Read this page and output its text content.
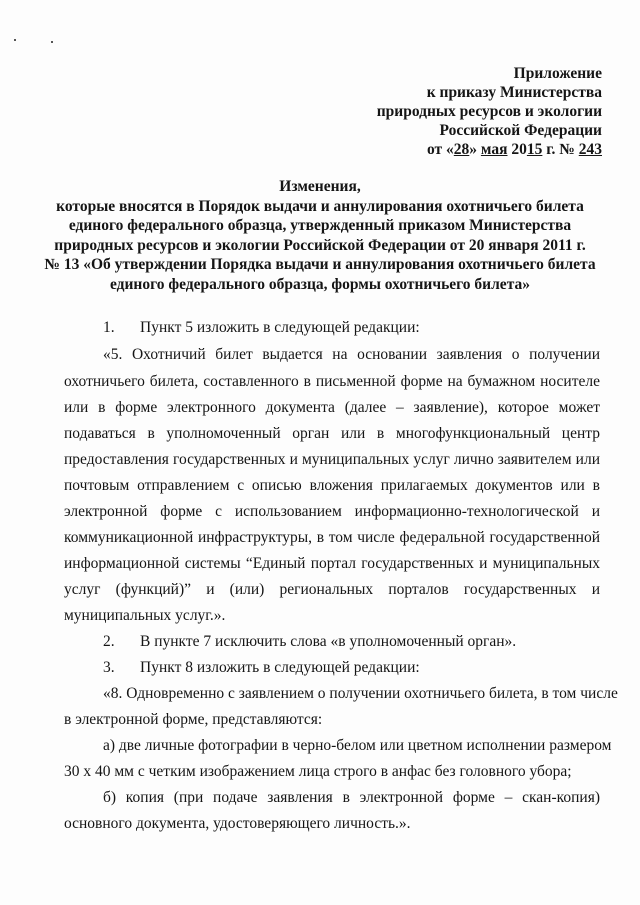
Приложение
к приказу Министерства
природных ресурсов и экологии
Российской Федерации
от «28» мая 2015 г. № 243
Изменения,
которые вносятся в Порядок выдачи и аннулирования охотничьего билета
единого федерального образца, утвержденный приказом Министерства
природных ресурсов и экологии Российской Федерации от 20 января 2011 г.
№ 13 «Об утверждении Порядка выдачи и аннулирования охотничьего билета
единого федерального образца, формы охотничьего билета»
1. Пункт 5 изложить в следующей редакции:
«5. Охотничий билет выдается на основании заявления о получении
охотничьего билета, составленного в письменной форме на бумажном носителе
или в форме электронного документа (далее – заявление), которое может
подаваться в уполномоченный орган или в многофункциональный центр
предоставления государственных и муниципальных услуг лично заявителем или
почтовым отправлением с описью вложения прилагаемых документов или в
электронной форме с использованием информационно-технологической и
коммуникационной инфраструктуры, в том числе федеральной государственной
информационной системы “Единый портал государственных и муниципальных
услуг (функций)” и (или) региональных порталов государственных и
муниципальных услуг.».
2. В пункте 7 исключить слова «в уполномоченный орган».
3. Пункт 8 изложить в следующей редакции:
«8. Одновременно с заявлением о получении охотничьего билета, в том числе
в электронной форме, представляются:
а) две личные фотографии в черно-белом или цветном исполнении размером
30 х 40 мм с четким изображением лица строго в анфас без головного убора;
б) копия (при подаче заявления в электронной форме – скан-копия)
основного документа, удостоверяющего личность.».
